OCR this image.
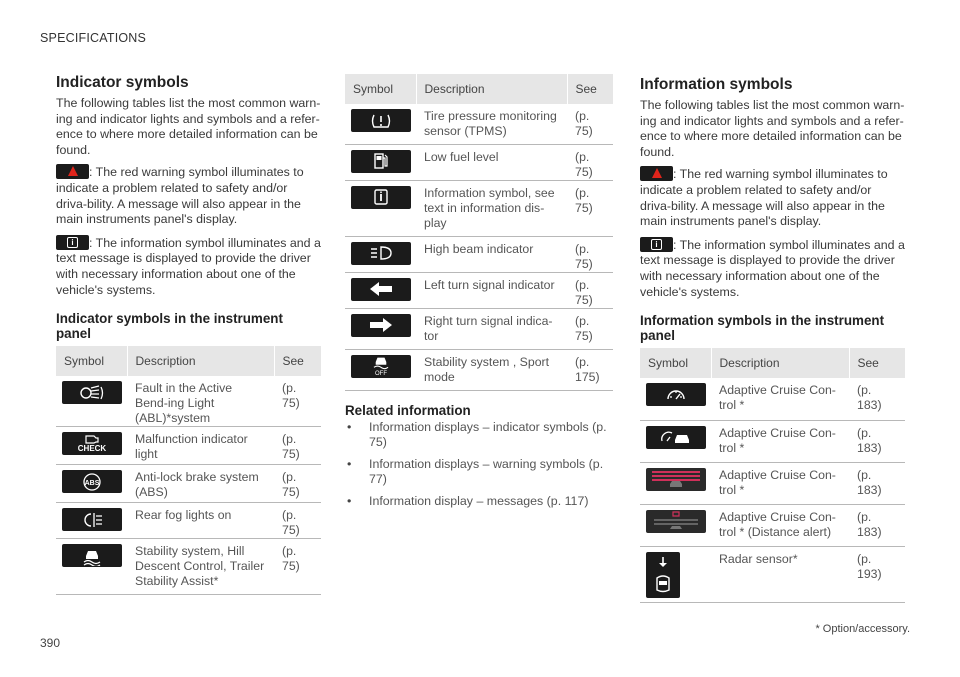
SPECIFICATIONS
Indicator symbols

The following tables list the most common warn-ing and indicator lights and symbols and a refer-ence to where more detailed information can be found.

: The red warning symbol illuminates to indicate a problem related to safety and/or driva-bility. A message will also appear in the main instruments panel's display.

i	: The information symbol illuminates and a text message is displayed to provide the driver with necessary information about one of the vehicle's systems.

Indicator symbols in the instrument panel
Symbol	Description	See

	Fault in the Active Bend-ing Light (ABL)*system	(p. 75)

CHECK	Malfunction indicator light	(p. 75)

ABS	Anti-lock brake system (ABS)	(p. 75)

	Rear fog lights on	(p. 75)

	Stability system, Hill Descent Control, Trailer Stability Assist*	(p. 75)
Symbol	Description	See

	Tire pressure monitoring sensor (TPMS)	(p. 75)

	Low fuel level	(p. 75)

	Information symbol, see text in information dis-play	(p. 75)

	High beam indicator	(p. 75)

	Left turn signal indicator	(p. 75)

	Right turn signal indica-tor	(p. 75)

OFF	Stability system , Sport mode	(p. 175)
Related information
• Information displays – indicator symbols (p. 75)
• Information displays – warning symbols (p. 77)
• Information display – messages (p. 117)
Information symbols

The following tables list the most common warn-ing and indicator lights and symbols and a refer-ence to where more detailed information can be found.

: The red warning symbol illuminates to indicate a problem related to safety and/or driva-bility. A message will also appear in the main instruments panel's display.

i	: The information symbol illuminates and a text message is displayed to provide the driver with necessary information about one of the vehicle's systems.

Information symbols in the instrument panel
Symbol	Description	See

	Adaptive Cruise Con-trol *	(p. 183)

	Adaptive Cruise Con-trol *	(p. 183)

	Adaptive Cruise Con-trol *	(p. 183)

	Adaptive Cruise Con-trol * (Distance alert)	(p. 183)

	Radar sensor*	(p. 193)
* Option/accessory.
390
